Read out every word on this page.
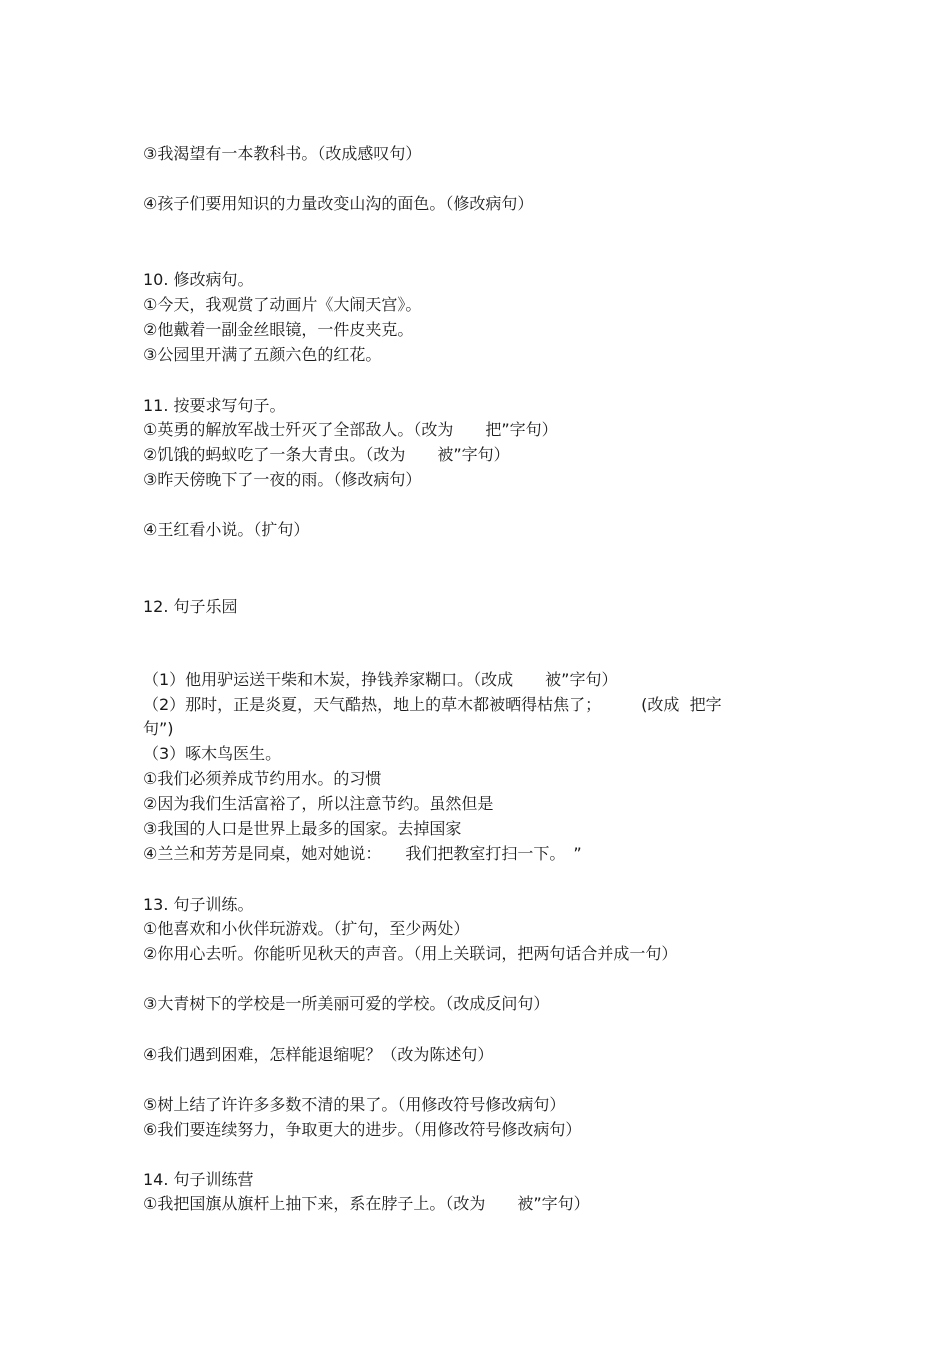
③我渴望有一本教科书。（改成感叹句）
④孩子们要用知识的力量改变山沟的面色。（修改病句）
10. 修改病句。
①今天，我观赏了动画片《大闹天宫》。
②他戴着一副金丝眼镜，一件皮夹克。
③公园里开满了五颜六色的红花。
11. 按要求写句子。
①英勇的解放军战士歼灭了全部敌人。（改为　　把”字句）
②饥饿的蚂蚁吃了一条大青虫。（改为　　被”字句）
③昨天傍晚下了一夜的雨。（修改病句）
④王红看小说。（扩句）
12. 句子乐园
（1）他用驴运送干柴和木炭，挣钱养家糊口。（改成　　被”字句）
（2）那时，正是炎夏，天气酷热，地上的草木都被晒得枯焦了；　　　(改成  把字
句”)
（3）啄木鸟医生。
①我们必须养成节约用水。的习惯
②因为我们生活富裕了，所以注意节约。虽然但是
③我国的人口是世界上最多的国家。去掉国家
④兰兰和芳芳是同桌，她对她说：　　我们把教室打扫一下。　”
13. 句子训练。
①他喜欢和小伙伴玩游戏。（扩句，至少两处）
②你用心去听。你能听见秋天的声音。（用上关联词，把两句话合并成一句）
③大青树下的学校是一所美丽可爱的学校。（改成反问句）
④我们遇到困难，怎样能退缩呢？（改为陈述句）
⑤树上结了许许多多数不清的果了。（用修改符号修改病句）
⑥我们要连续努力，争取更大的进步。（用修改符号修改病句）
14. 句子训练营
①我把国旗从旗杆上抽下来，系在脖子上。（改为　　被”字句）
